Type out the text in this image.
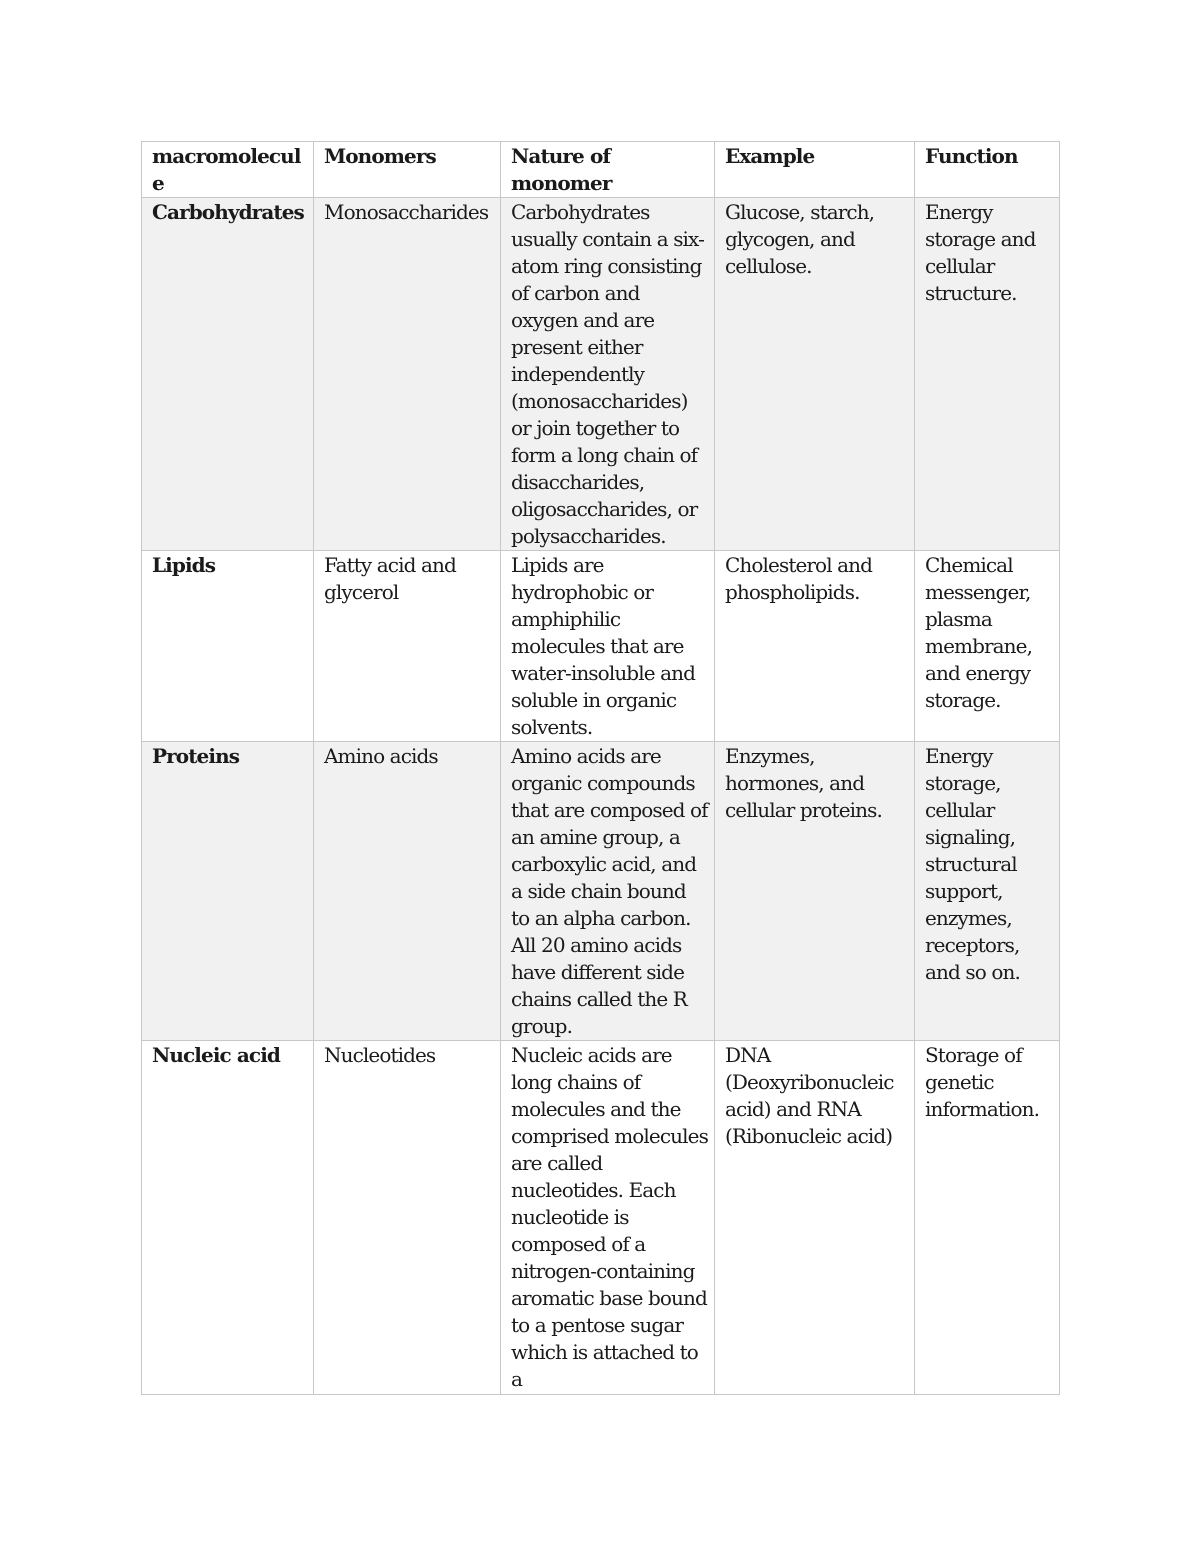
macromolecul e	Monomers	Nature of monomer	Example	Function
Carbohydrates	Monosaccharides	Carbohydrates usually contain a six-atom ring consisting of carbon and oxygen and are present either independently (monosaccharides) or join together to form a long chain of disaccharides, oligosaccharides, or polysaccharides.	Glucose, starch, glycogen, and cellulose.	Energy storage and cellular structure.
Lipids	Fatty acid and glycerol	Lipids are hydrophobic or amphiphilic molecules that are water-insoluble and soluble in organic solvents.	Cholesterol and phospholipids.	Chemical messenger, plasma membrane, and energy storage.
Proteins	Amino acids	Amino acids are organic compounds that are composed of an amine group, a carboxylic acid, and a side chain bound to an alpha carbon. All 20 amino acids have different side chains called the R group.	Enzymes, hormones, and cellular proteins.	Energy storage, cellular signaling, structural support, enzymes, receptors, and so on.
Nucleic acid	Nucleotides	Nucleic acids are long chains of molecules and the comprised molecules are called nucleotides. Each nucleotide is composed of a nitrogen-containing aromatic base bound to a pentose sugar which is attached to a	DNA (Deoxyribonucleic acid) and RNA (Ribonucleic acid)	Storage of genetic information.
